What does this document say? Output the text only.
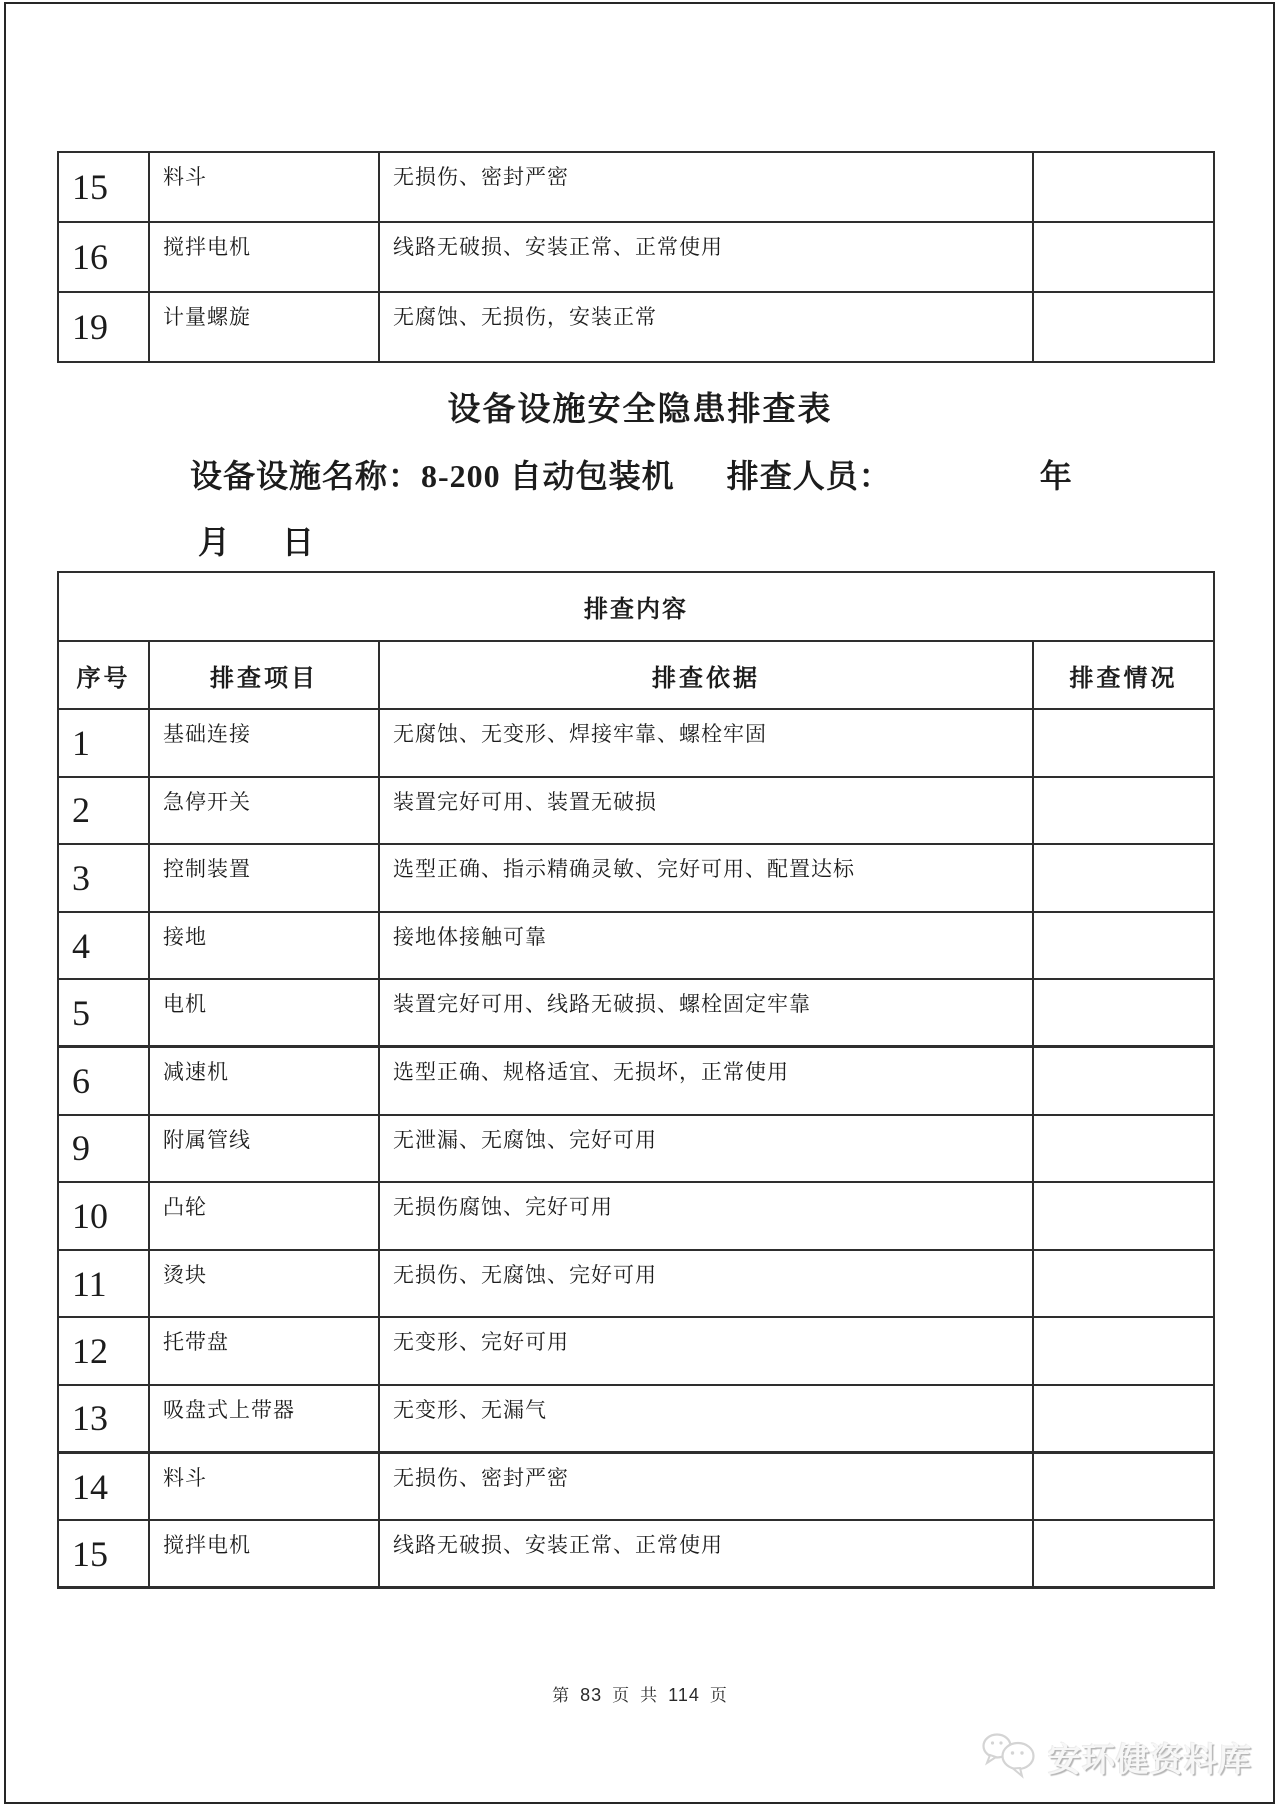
15	料斗	无损伤、密封严密	
16	搅拌电机	线路无破损、安装正常、正常使用	
19	计量螺旋	无腐蚀、无损伤，安装正常	
设备设施安全隐患排查表
设备设施名称：8-200 自动包装机 排查人员：	年
月　日
排查内容			
序号	排查项目	排查依据	排查情况
1	基础连接	无腐蚀、无变形、焊接牢靠、螺栓牢固	
2	急停开关	装置完好可用、装置无破损	
3	控制装置	选型正确、指示精确灵敏、完好可用、配置达标	
4	接地	接地体接触可靠	
5	电机	装置完好可用、线路无破损、螺栓固定牢靠	
6	减速机	选型正确、规格适宜、无损坏，正常使用	
9	附属管线	无泄漏、无腐蚀、完好可用	
10	凸轮	无损伤腐蚀、完好可用	
11	烫块	无损伤、无腐蚀、完好可用	
12	托带盘	无变形、完好可用	
13	吸盘式上带器	无变形、无漏气	
14	料斗	无损伤、密封严密	
15	搅拌电机	线路无破损、安装正常、正常使用	
第 83 页 共 114 页
安环健资料库
